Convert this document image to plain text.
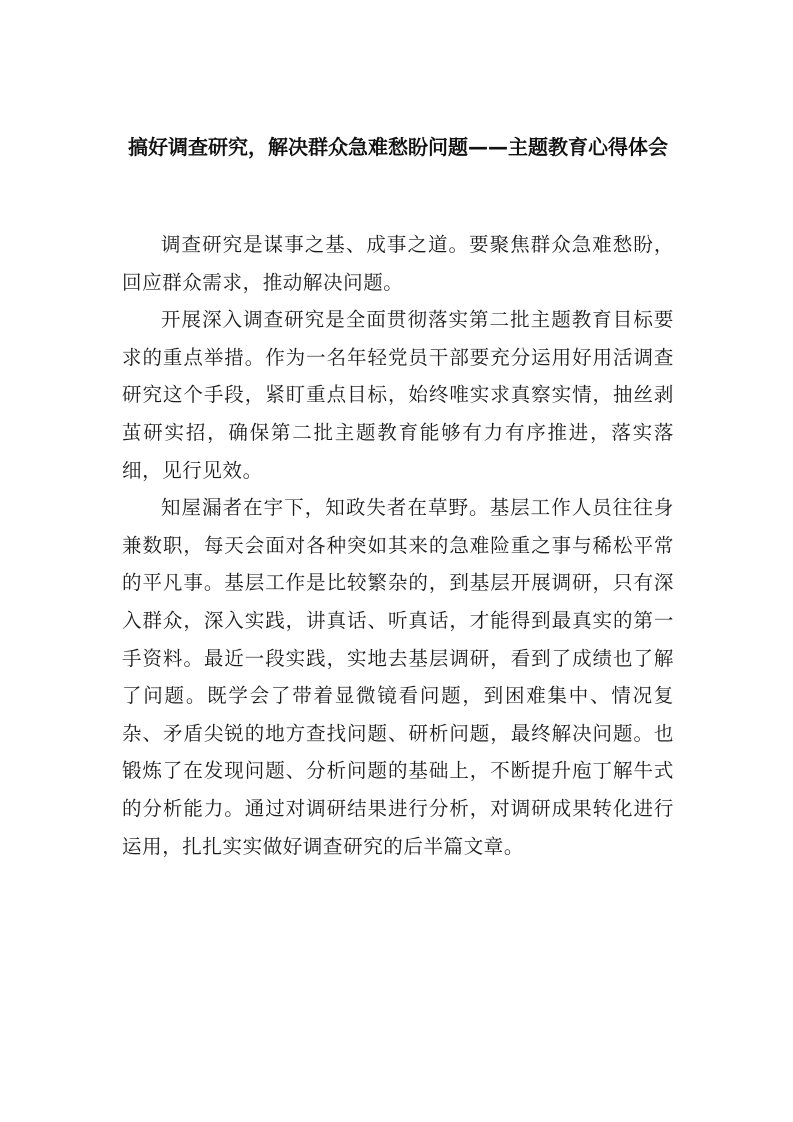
搞好调查研究，解决群众急难愁盼问题——主题教育心得体会

调查研究是谋事之基、成事之道。要聚焦群众急难愁盼，回应群众需求，推动解决问题。

开展深入调查研究是全面贯彻落实第二批主题教育目标要求的重点举措。作为一名年轻党员干部要充分运用好用活调查研究这个手段，紧盯重点目标，始终唯实求真察实情，抽丝剥茧研实招，确保第二批主题教育能够有力有序推进，落实落细，见行见效。

知屋漏者在宇下，知政失者在草野。基层工作人员往往身兼数职，每天会面对各种突如其来的急难险重之事与稀松平常的平凡事。基层工作是比较繁杂的，到基层开展调研，只有深入群众，深入实践，讲真话、听真话，才能得到最真实的第一手资料。最近一段实践，实地去基层调研，看到了成绩也了解了问题。既学会了带着显微镜看问题，到困难集中、情况复杂、矛盾尖锐的地方查找问题、研析问题，最终解决问题。也锻炼了在发现问题、分析问题的基础上，不断提升庖丁解牛式的分析能力。通过对调研结果进行分析，对调研成果转化进行运用，扎扎实实做好调查研究的后半篇文章。
